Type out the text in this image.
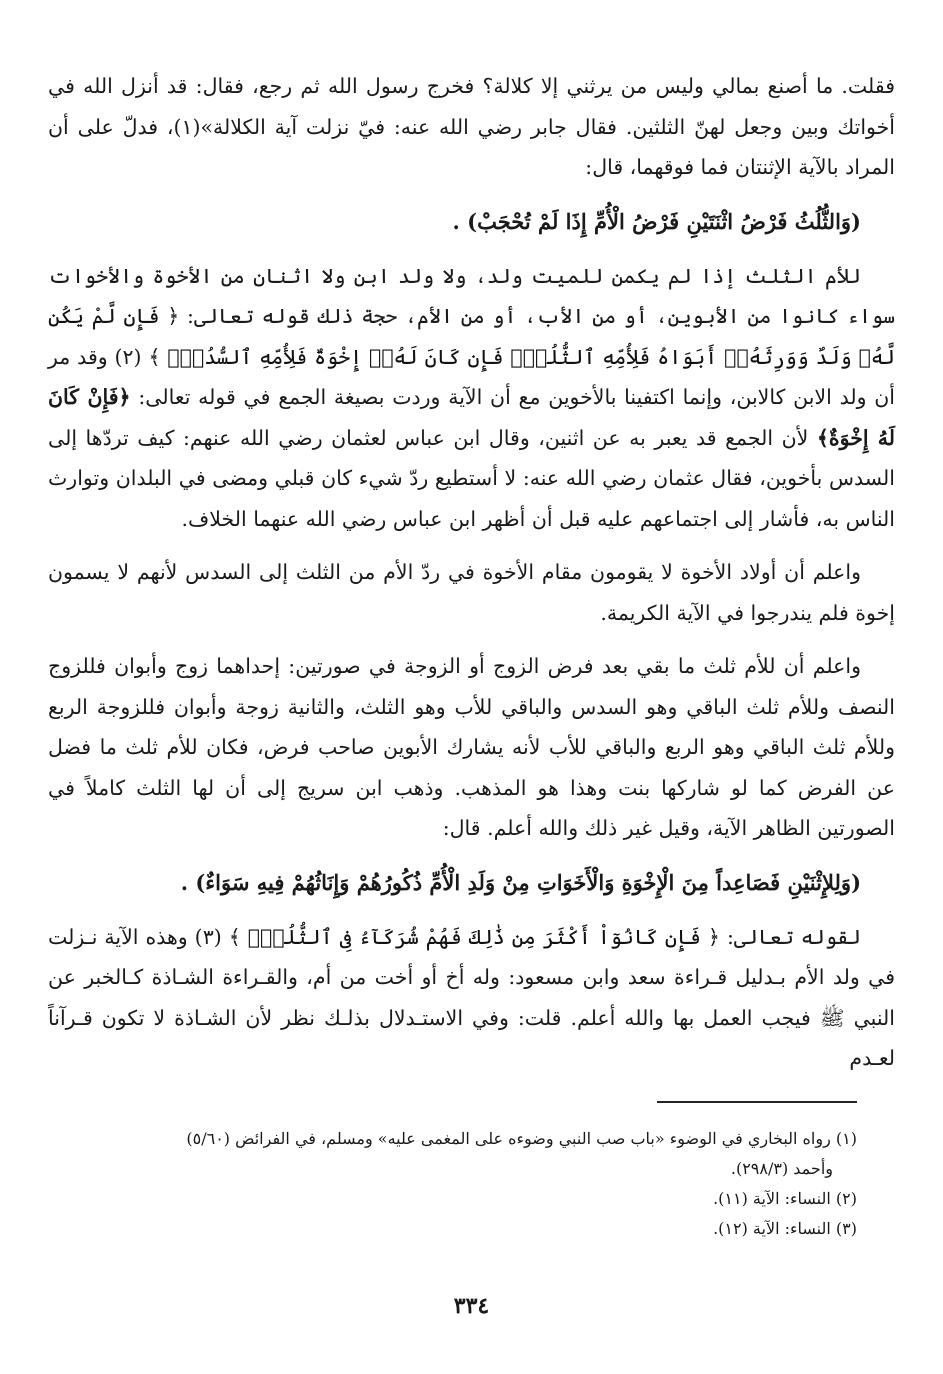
فقلت. ما أصنع بمالي وليس من يرثني إلا كلالة؟ فخرج رسول الله ثم رجع، فقال: قد أنزل الله في أخواتك وبين وجعل لهنّ الثلثين. فقال جابر رضي الله عنه: فيّ نزلت آية الكلالة»(١)، فدلّ على أن المراد بالآية الإثنتان فما فوقهما، قال:

(وَالثُّلُثُ فَرْضُ اثْنَتَيْنِ فَرْضُ الْأُمِّ إِذَا لَمْ تُحْجَبْ) .

للأم الثلث إذا لم يكمن للميت ولد، ولا ولد ابن ولا اثنان من الأخوة والأخوات سواء كانوا من الأبوين، أو من الأب، أو من الأم، حجة ذلك قوله تعالى: ﴿ فَإِن لَّمْ يَكُن لَّهُۥ وَلَدٌ وَوَرِثَهُۥٓ أَبَوَاهُ فَلِأُمِّهِ ٱلثُّلُثُۚ فَإِن كَانَ لَهُۥٓ إِخْوَةٌ فَلِأُمِّهِ ٱلسُّدُسُۚ ﴾ (٢) وقد مر أن ولد الابن كالابن، وإنما اكتفينا بالأخوين مع أن الآية وردت بصيغة الجمع في قوله تعالى: ﴿فَإِنْ كَانَ لَهُ إِخْوَةٌ﴾ لأن الجمع قد يعبر به عن اثنين، وقال ابن عباس لعثمان رضي الله عنهم: كيف تردّها إلى السدس بأخوين، فقال عثمان رضي الله عنه: لا أستطيع ردّ شيء كان قبلي ومضى في البلدان وتوارث الناس به، فأشار إلى اجتماعهم عليه قبل أن أظهر ابن عباس رضي الله عنهما الخلاف.

واعلم أن أولاد الأخوة لا يقومون مقام الأخوة في ردّ الأم من الثلث إلى السدس لأنهم لا يسمون إخوة فلم يندرجوا في الآية الكريمة.

واعلم أن للأم ثلث ما بقي بعد فرض الزوج أو الزوجة في صورتين: إحداهما زوج وأبوان فللزوج النصف وللأم ثلث الباقي وهو السدس والباقي للأب وهو الثلث، والثانية زوجة وأبوان فللزوجة الربع وللأم ثلث الباقي وهو الربع والباقي للأب لأنه يشارك الأبوين صاحب فرض، فكان للأم ثلث ما فضل عن الفرض كما لو شاركها بنت وهذا هو المذهب. وذهب ابن سريج إلى أن لها الثلث كاملاً في الصورتين الظاهر الآية، وقيل غير ذلك والله أعلم. قال:

(وَلِلإِثْنَيْنِ فَصَاعِداً مِنَ الْإِخْوَةِ وَالْأَخَوَاتِ مِنْ وَلَدِ الْأُمِّ ذُكُورُهُمْ وَإِنَاثُهُمْ فِيهِ سَوَاءٌ) .

لقوله تعالى: ﴿ فَإِن كَانُوٓاْ أَكْثَرَ مِن ذَٰلِكَ فَهُمْ شُرَكَآءُ فِى ٱلثُّلُثِۚ ﴾ (٣) وهذه الآية نـزلت في ولد الأم بـدليل قـراءة سعد وابن مسعود: وله أخ أو أخت من أم، والقـراءة الشـاذة كـالخبر عن النبي ﷺ فيجب العمل بها والله أعلم. قلت: وفي الاستـدلال بذلـك نظر لأن الشـاذة لا تكون قـرآناً لعـدم

(١) رواه البخاري في الوضوء «باب صب النبي وضوءه على المغمى عليه» ومسلم، في الفرائض (٥/٦٠)

وأحمد (٢٩٨/٣).

(٢) النساء: الآية (١١).

(٣) النساء: الآية (١٢).

٣٣٤
